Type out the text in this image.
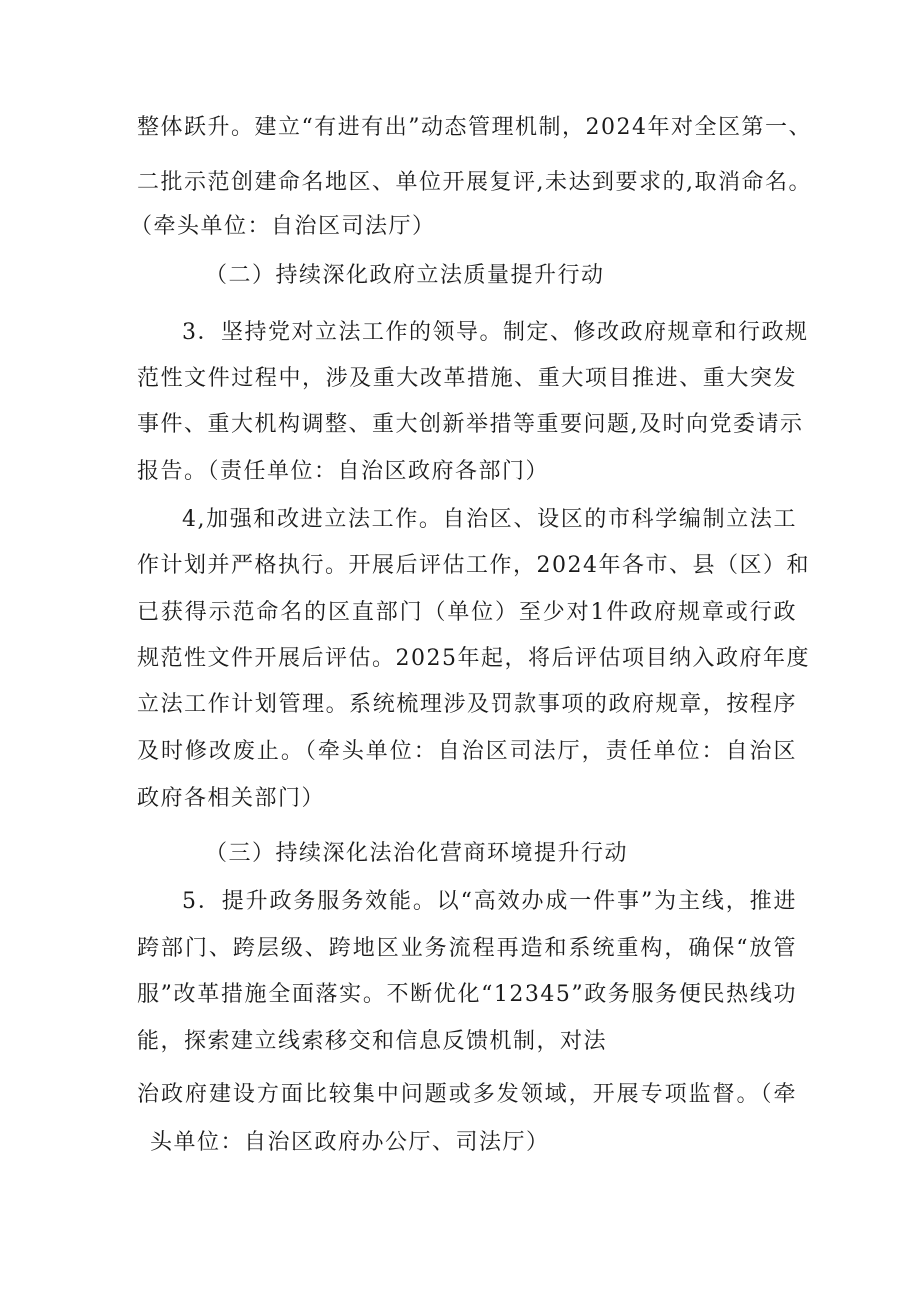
整体跃升。建立“有进有出”动态管理机制，2024年对全区第一、
二批示范创建命名地区、单位开展复评,未达到要求的,取消命名。
（牵头单位：自治区司法厅）
（二）持续深化政府立法质量提升行动
3．坚持党对立法工作的领导。制定、修改政府规章和行政规
范性文件过程中，涉及重大改革措施、重大项目推进、重大突发
事件、重大机构调整、重大创新举措等重要问题,及时向党委请示
报告。（责任单位：自治区政府各部门）
4,加强和改进立法工作。自治区、设区的市科学编制立法工
作计划并严格执行。开展后评估工作，2024年各市、县（区）和
已获得示范命名的区直部门（单位）至少对1件政府规章或行政
规范性文件开展后评估。2025年起，将后评估项目纳入政府年度
立法工作计划管理。系统梳理涉及罚款事项的政府规章，按程序
及时修改废止。（牵头单位：自治区司法厅，责任单位：自治区
政府各相关部门）
（三）持续深化法治化营商环境提升行动
5．提升政务服务效能。以“高效办成一件事”为主线，推进
跨部门、跨层级、跨地区业务流程再造和系统重构，确保“放管
服”改革措施全面落实。不断优化“12345”政务服务便民热线功
能，探索建立线索移交和信息反馈机制，对法
治政府建设方面比较集中问题或多发领域，开展专项监督。（牵
头单位：自治区政府办公厅、司法厅）
